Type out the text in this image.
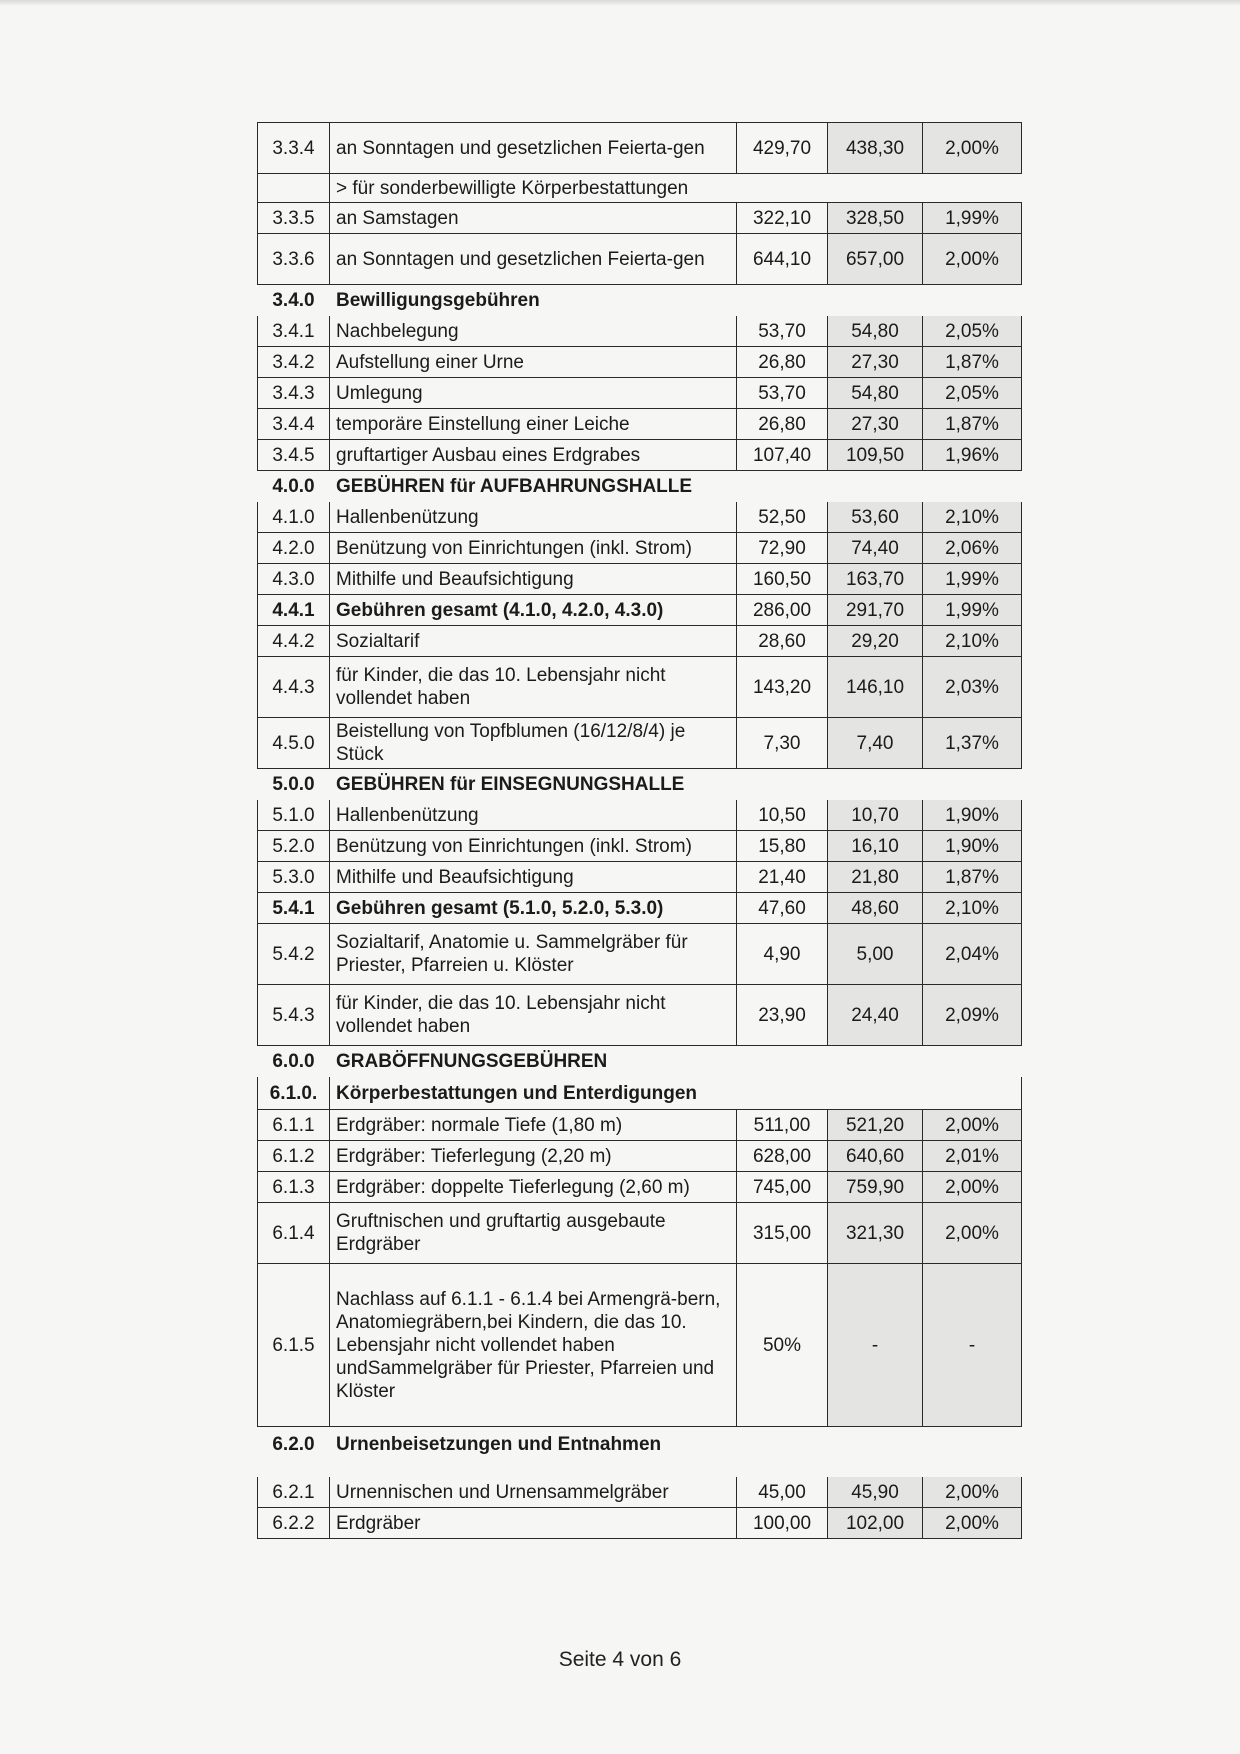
3.3.4	an Sonntagen und gesetzlichen Feierta-gen	429,70	438,30	2,00%
	> für sonderbewilligte Körperbestattungen			
3.3.5	an Samstagen	322,10	328,50	1,99%
3.3.6	an Sonntagen und gesetzlichen Feierta-gen	644,10	657,00	2,00%
3.4.0	Bewilligungsgebühren			
3.4.1	Nachbelegung	53,70	54,80	2,05%
3.4.2	Aufstellung einer Urne	26,80	27,30	1,87%
3.4.3	Umlegung	53,70	54,80	2,05%
3.4.4	temporäre Einstellung einer Leiche	26,80	27,30	1,87%
3.4.5	gruftartiger Ausbau eines Erdgrabes	107,40	109,50	1,96%
4.0.0	GEBÜHREN für AUFBAHRUNGSHALLE			
4.1.0	Hallenbenützung	52,50	53,60	2,10%
4.2.0	Benützung von Einrichtungen (inkl. Strom)	72,90	74,40	2,06%
4.3.0	Mithilfe und Beaufsichtigung	160,50	163,70	1,99%
4.4.1	Gebühren gesamt (4.1.0, 4.2.0, 4.3.0)	286,00	291,70	1,99%
4.4.2	Sozialtarif	28,60	29,20	2,10%
4.4.3	für Kinder, die das 10. Lebensjahr nicht vollendet haben	143,20	146,10	2,03%
4.5.0	Beistellung von Topfblumen (16/12/8/4) je Stück	7,30	7,40	1,37%
5.0.0	GEBÜHREN für EINSEGNUNGSHALLE			
5.1.0	Hallenbenützung	10,50	10,70	1,90%
5.2.0	Benützung von Einrichtungen (inkl. Strom)	15,80	16,10	1,90%
5.3.0	Mithilfe und Beaufsichtigung	21,40	21,80	1,87%
5.4.1	Gebühren gesamt (5.1.0, 5.2.0, 5.3.0)	47,60	48,60	2,10%
5.4.2	Sozialtarif, Anatomie u. Sammelgräber für Priester, Pfarreien u. Klöster	4,90	5,00	2,04%
5.4.3	für Kinder, die das 10. Lebensjahr nicht vollendet haben	23,90	24,40	2,09%
6.0.0	GRABÖFFNUNGSGEBÜHREN			
6.1.0.	Körperbestattungen und Enterdigungen			
6.1.1	Erdgräber: normale Tiefe (1,80 m)	511,00	521,20	2,00%
6.1.2	Erdgräber: Tieferlegung (2,20 m)	628,00	640,60	2,01%
6.1.3	Erdgräber: doppelte Tieferlegung (2,60 m)	745,00	759,90	2,00%
6.1.4	Gruftnischen und gruftartig ausgebaute Erdgräber	315,00	321,30	2,00%
6.1.5	Nachlass auf 6.1.1 - 6.1.4 bei Armengrä-bern, Anatomiegräbern,bei Kindern, die das 10. Lebensjahr nicht vollendet haben undSammelgräber für Priester, Pfarreien und Klöster	50%	-	-
6.2.0	Urnenbeisetzungen und Entnahmen			

6.2.1	Urnennischen und Urnensammelgräber	45,00	45,90	2,00%
6.2.2	Erdgräber	100,00	102,00	2,00%
Seite 4 von 6
